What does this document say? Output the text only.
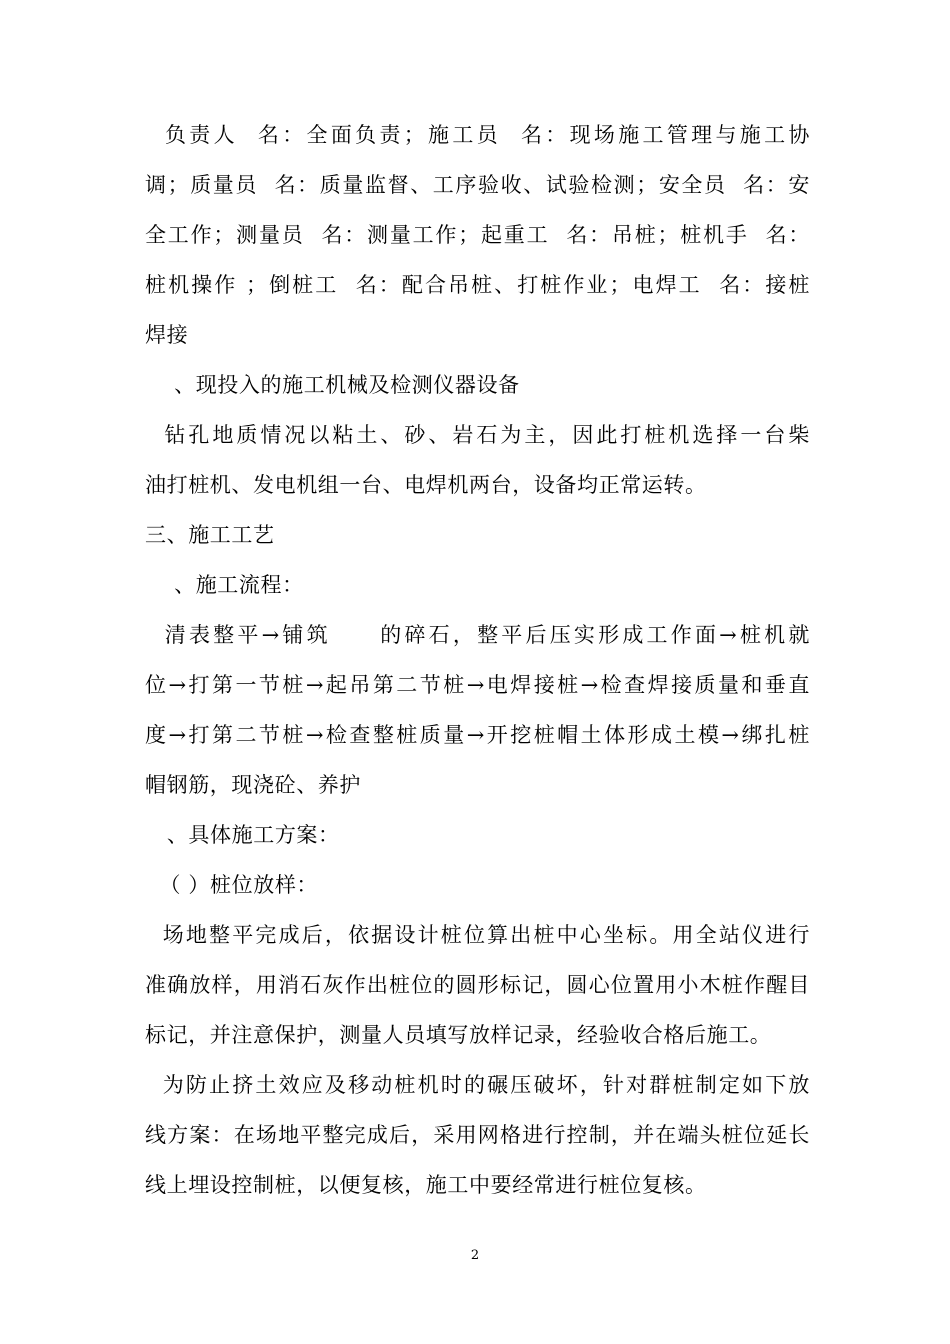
负责人  名：全面负责；施工员  名：现场施工管理与施工协
调；质量员  名：质量监督、工序验收、试验检测；安全员  名：安
全工作；测量员  名：测量工作；起重工  名：吊桩；桩机手  名：
桩机操作 ；倒桩工  名：配合吊桩、打桩作业；电焊工  名：接桩
焊接
、现投入的施工机械及检测仪器设备
钻孔地质情况以粘土、砂、岩石为主，因此打桩机选择一台柴
油打桩机、发电机组一台、电焊机两台，设备均正常运转。
三、施工工艺
、施工流程：
清表整平→铺筑     的碎石，整平后压实形成工作面→桩机就
位→打第一节桩→起吊第二节桩→电焊接桩→检查焊接质量和垂直
度→打第二节桩→检查整桩质量→开挖桩帽土体形成土模→绑扎桩
帽钢筋，现浇砼、养护
、具体施工方案：
（ ）桩位放样：
场地整平完成后，依据设计桩位算出桩中心坐标。用全站仪进行
准确放样，用消石灰作出桩位的圆形标记，圆心位置用小木桩作醒目
标记，并注意保护，测量人员填写放样记录，经验收合格后施工。
为防止挤土效应及移动桩机时的碾压破坏，针对群桩制定如下放
线方案：在场地平整完成后，采用网格进行控制，并在端头桩位延长
线上埋设控制桩，以便复核，施工中要经常进行桩位复核。
2
